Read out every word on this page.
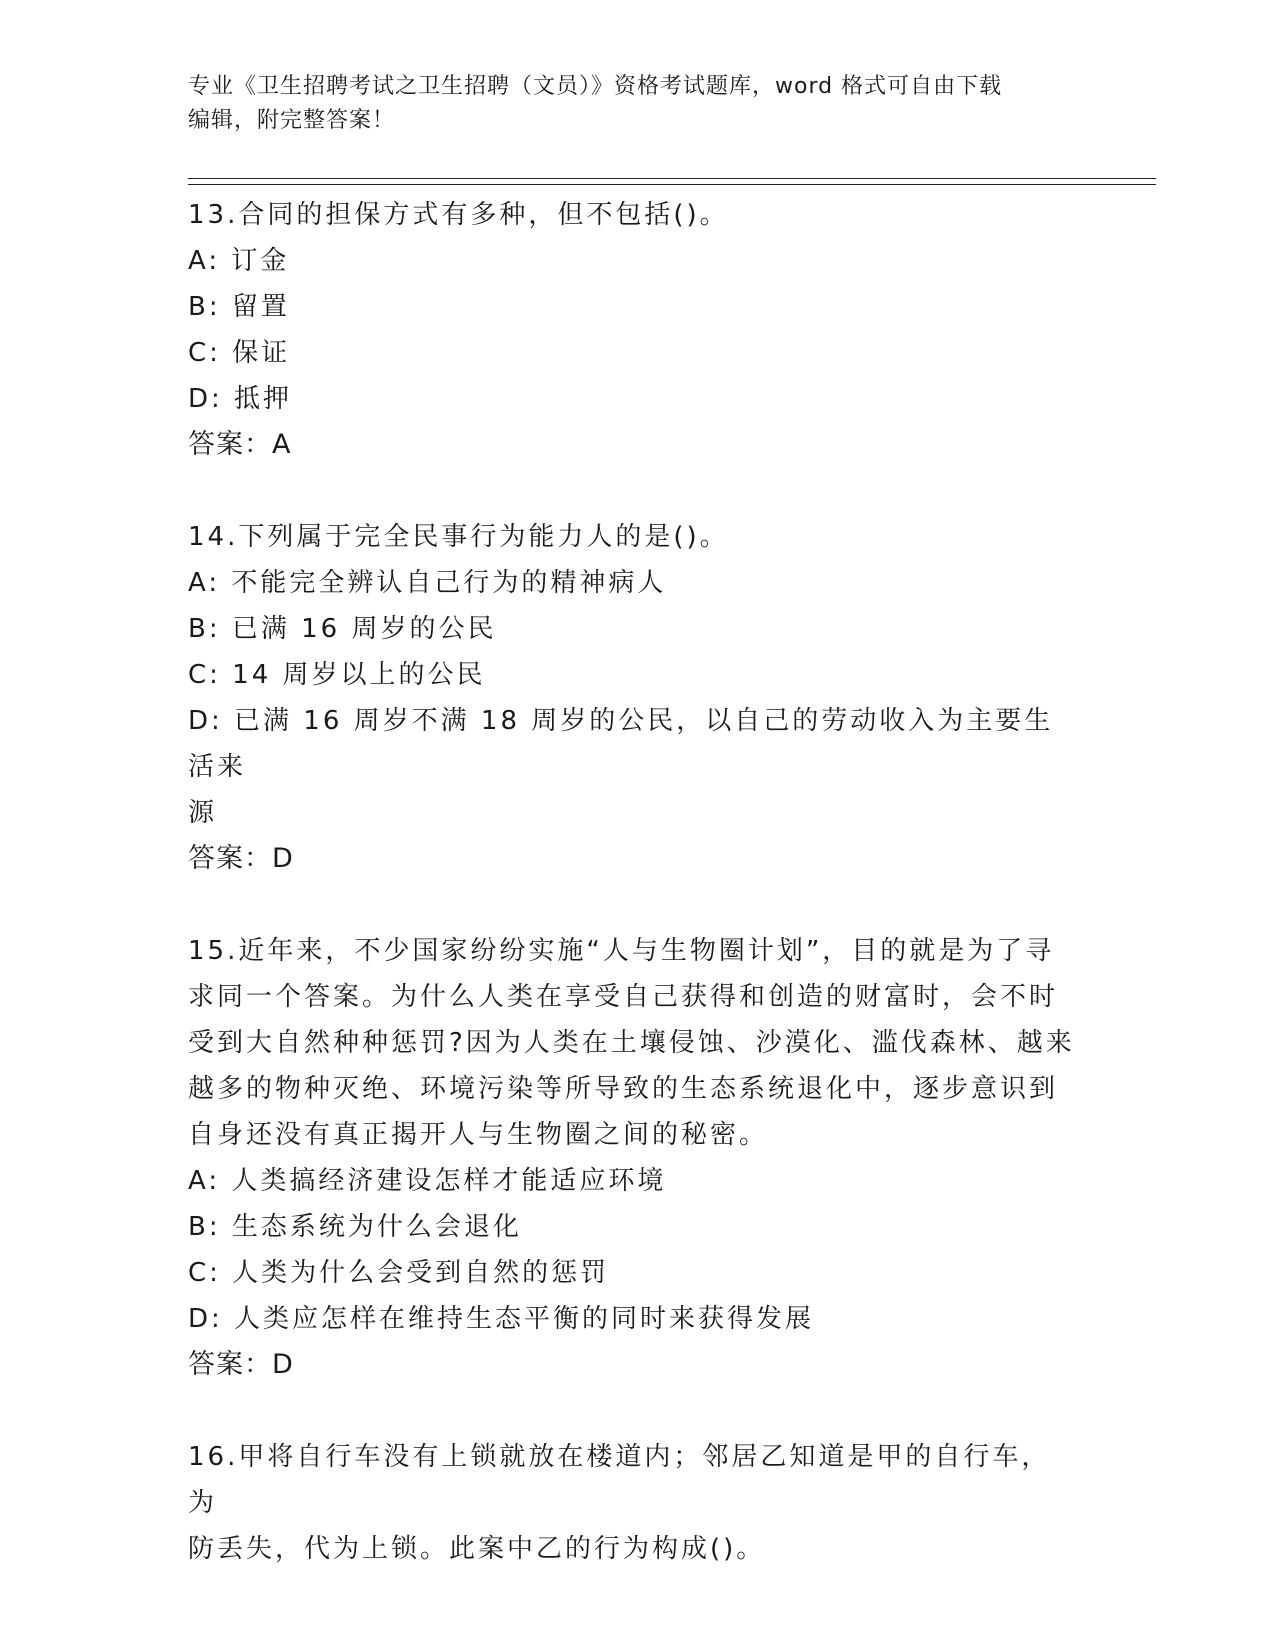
专业《卫生招聘考试之卫生招聘（文员）》资格考试题库，word 格式可自由下载
编辑，附完整答案！
13.合同的担保方式有多种，但不包括()。
A: 订金
B: 留置
C: 保证
D: 抵押
答案：A
14.下列属于完全民事行为能力人的是()。
A: 不能完全辨认自己行为的精神病人
B: 已满 16 周岁的公民
C: 14 周岁以上的公民
D: 已满 16 周岁不满 18 周岁的公民，以自己的劳动收入为主要生活来
源
答案：D
15.近年来，不少国家纷纷实施“人与生物圈计划”，目的就是为了寻
求同一个答案。为什么人类在享受自己获得和创造的财富时，会不时
受到大自然种种惩罚?因为人类在土壤侵蚀、沙漠化、滥伐森林、越来
越多的物种灭绝、环境污染等所导致的生态系统退化中，逐步意识到
自身还没有真正揭开人与生物圈之间的秘密。
A: 人类搞经济建设怎样才能适应环境
B: 生态系统为什么会退化
C: 人类为什么会受到自然的惩罚
D: 人类应怎样在维持生态平衡的同时来获得发展
答案：D
16.甲将自行车没有上锁就放在楼道内；邻居乙知道是甲的自行车，为
防丢失，代为上锁。此案中乙的行为构成()。
